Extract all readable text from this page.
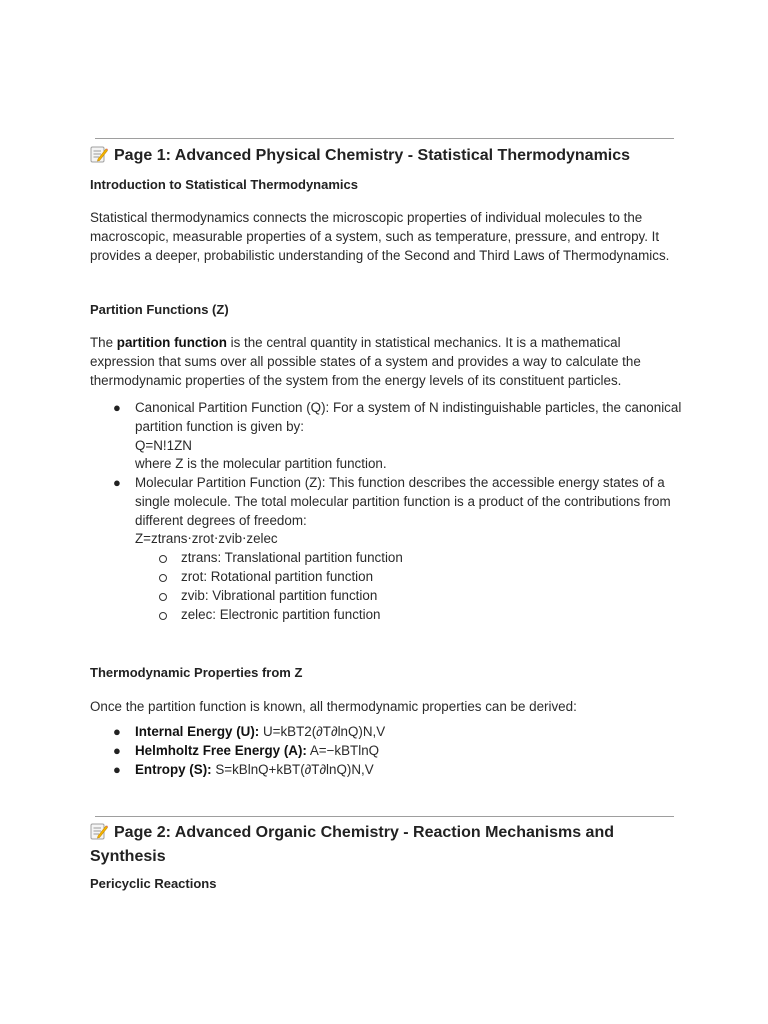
Page 1: Advanced Physical Chemistry - Statistical Thermodynamics
Introduction to Statistical Thermodynamics
Statistical thermodynamics connects the microscopic properties of individual molecules to the macroscopic, measurable properties of a system, such as temperature, pressure, and entropy. It provides a deeper, probabilistic understanding of the Second and Third Laws of Thermodynamics.
Partition Functions (Z)
The partition function is the central quantity in statistical mechanics. It is a mathematical expression that sums over all possible states of a system and provides a way to calculate the thermodynamic properties of the system from the energy levels of its constituent particles.
● Canonical Partition Function (Q): For a system of N indistinguishable particles, the canonical partition function is given by:
Q=N!1ZN
where Z is the molecular partition function.
● Molecular Partition Function (Z): This function describes the accessible energy states of a single molecule. The total molecular partition function is a product of the contributions from different degrees of freedom:
Z=ztrans⋅zrot⋅zvib⋅zelec
ztrans: Translational partition function
zrot: Rotational partition function
zvib: Vibrational partition function
zelec: Electronic partition function
Thermodynamic Properties from Z
Once the partition function is known, all thermodynamic properties can be derived:
● Internal Energy (U): U=kBT2(∂T∂lnQ)N,V
● Helmholtz Free Energy (A): A=−kBTlnQ
● Entropy (S): S=kBlnQ+kBT(∂T∂lnQ)N,V
Page 2: Advanced Organic Chemistry - Reaction Mechanisms and Synthesis
Pericyclic Reactions
